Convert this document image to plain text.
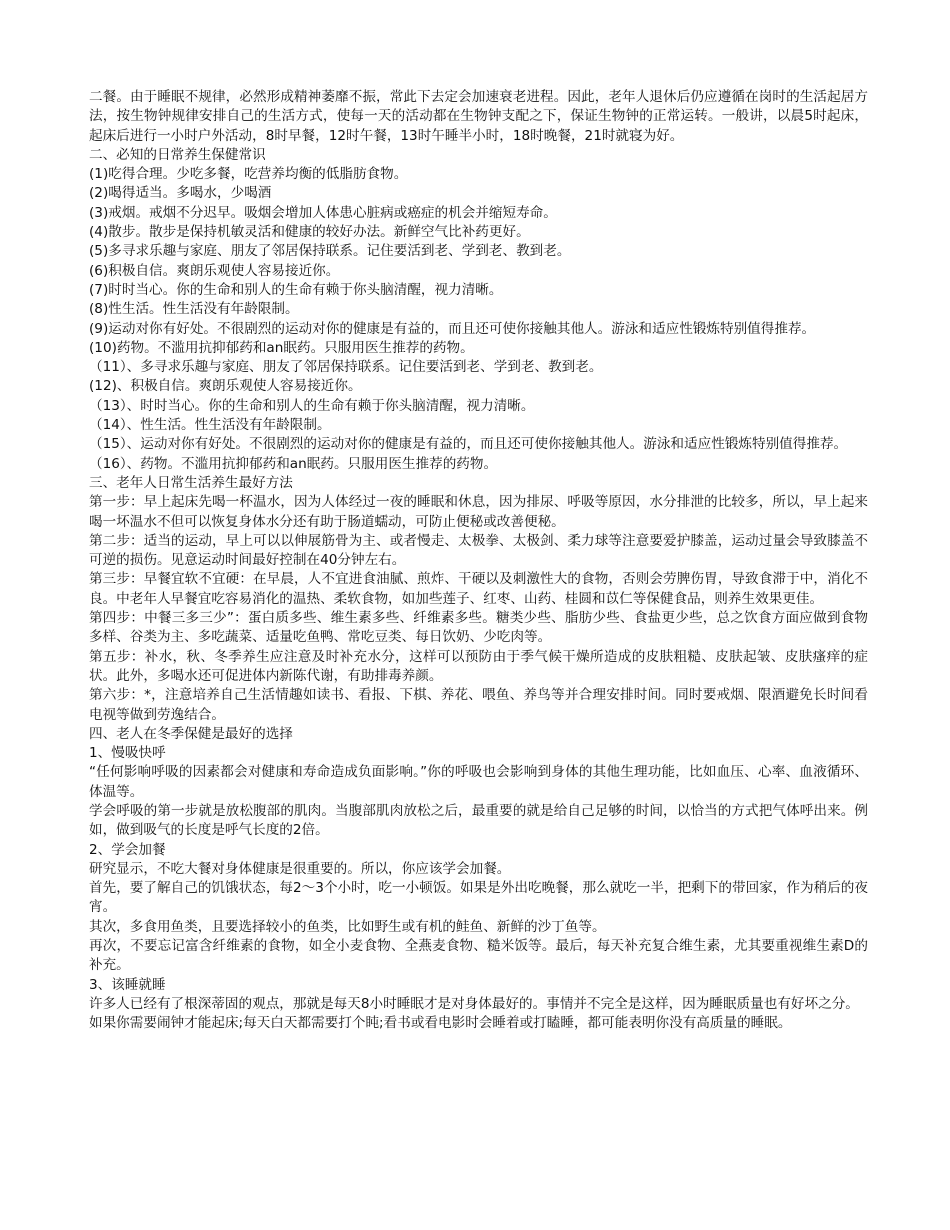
二餐。由于睡眠不规律，必然形成精神萎靡不振，常此下去定会加速衰老进程。因此，老年人退休后仍应遵循在岗时的生活起居方法，按生物钟规律安排自己的生活方式，使每一天的活动都在生物钟支配之下，保证生物钟的正常运转。一般讲，以晨5时起床，起床后进行一小时户外活动，8时早餐，12时午餐，13时午睡半小时，18时晚餐，21时就寝为好。

二、必知的日常养生保健常识

(1)吃得合理。少吃多餐，吃营养均衡的低脂肪食物。

(2)喝得适当。多喝水，少喝酒

(3)戒烟。戒烟不分迟早。吸烟会增加人体患心脏病或癌症的机会并缩短寿命。

(4)散步。散步是保持机敏灵活和健康的较好办法。新鲜空气比补药更好。

(5)多寻求乐趣与家庭、朋友了邻居保持联系。记住要活到老、学到老、教到老。

(6)积极自信。爽朗乐观使人容易接近你。

(7)时时当心。你的生命和别人的生命有赖于你头脑清醒，视力清晰。

(8)性生活。性生活没有年龄限制。

(9)运动对你有好处。不很剧烈的运动对你的健康是有益的，而且还可使你接触其他人。游泳和适应性锻炼特别值得推荐。

(10)药物。不滥用抗抑郁药和an眠药。只服用医生推荐的药物。

（11）、多寻求乐趣与家庭、朋友了邻居保持联系。记住要活到老、学到老、教到老。

(12)、积极自信。爽朗乐观使人容易接近你。

（13）、时时当心。你的生命和别人的生命有赖于你头脑清醒，视力清晰。

（14）、性生活。性生活没有年龄限制。

（15）、运动对你有好处。不很剧烈的运动对你的健康是有益的，而且还可使你接触其他人。游泳和适应性锻炼特别值得推荐。

（16）、药物。不滥用抗抑郁药和an眠药。只服用医生推荐的药物。

三、老年人日常生活养生最好方法

第一步：早上起床先喝一杯温水，因为人体经过一夜的睡眠和休息，因为排尿、呼吸等原因，水分排泄的比较多，所以，早上起来喝一坏温水不但可以恢复身体水分还有助于肠道蠕动，可防止便秘或改善便秘。

第二步：适当的运动，早上可以以伸展筋骨为主、或者慢走、太极拳、太极剑、柔力球等注意要爱护膝盖，运动过量会导致膝盖不可逆的损伤。见意运动时间最好控制在40分钟左右。

第三步：早餐宜软不宜硬：在早晨，人不宜进食油腻、煎炸、干硬以及刺激性大的食物，否则会劳脾伤胃，导致食滞于中，消化不良。中老年人早餐宜吃容易消化的温热、柔软食物，如加些莲子、红枣、山药、桂圆和苡仁等保健食品，则养生效果更佳。

第四步：中餐三多三少”：蛋白质多些、维生素多些、纤维素多些。糖类少些、脂肪少些、食盐更少些，总之饮食方面应做到食物多样、谷类为主、多吃蔬菜、适量吃鱼鸭、常吃豆类、每日饮奶、少吃肉等。

第五步：补水，秋、冬季养生应注意及时补充水分，这样可以预防由于季气候干燥所造成的皮肤粗糙、皮肤起皱、皮肤瘙痒的症状。此外，多喝水还可促进体内新陈代谢，有助排毒养颜。

第六步：*，注意培养自己生活情趣如读书、看报、下棋、养花、喂鱼、养鸟等并合理安排时间。同时要戒烟、限酒避免长时间看电视等做到劳逸结合。

四、老人在冬季保健是最好的选择

1、慢吸快呼

“任何影响呼吸的因素都会对健康和寿命造成负面影响。”你的呼吸也会影响到身体的其他生理功能，比如血压、心率、血液循环、体温等。

学会呼吸的第一步就是放松腹部的肌肉。当腹部肌肉放松之后，最重要的就是给自己足够的时间，以恰当的方式把气体呼出来。例如，做到吸气的长度是呼气长度的2倍。

2、学会加餐

研究显示，不吃大餐对身体健康是很重要的。所以，你应该学会加餐。

首先，要了解自己的饥饿状态，每2～3个小时，吃一小顿饭。如果是外出吃晚餐，那么就吃一半，把剩下的带回家，作为稍后的夜宵。

其次，多食用鱼类，且要选择较小的鱼类，比如野生或有机的鲑鱼、新鲜的沙丁鱼等。

再次，不要忘记富含纤维素的食物，如全小麦食物、全燕麦食物、糙米饭等。最后，每天补充复合维生素，尤其要重视维生素D的补充。

3、该睡就睡

许多人已经有了根深蒂固的观点，那就是每天8小时睡眠才是对身体最好的。事情并不完全是这样，因为睡眠质量也有好坏之分。

如果你需要闹钟才能起床;每天白天都需要打个盹;看书或看电影时会睡着或打瞌睡，都可能表明你没有高质量的睡眠。
